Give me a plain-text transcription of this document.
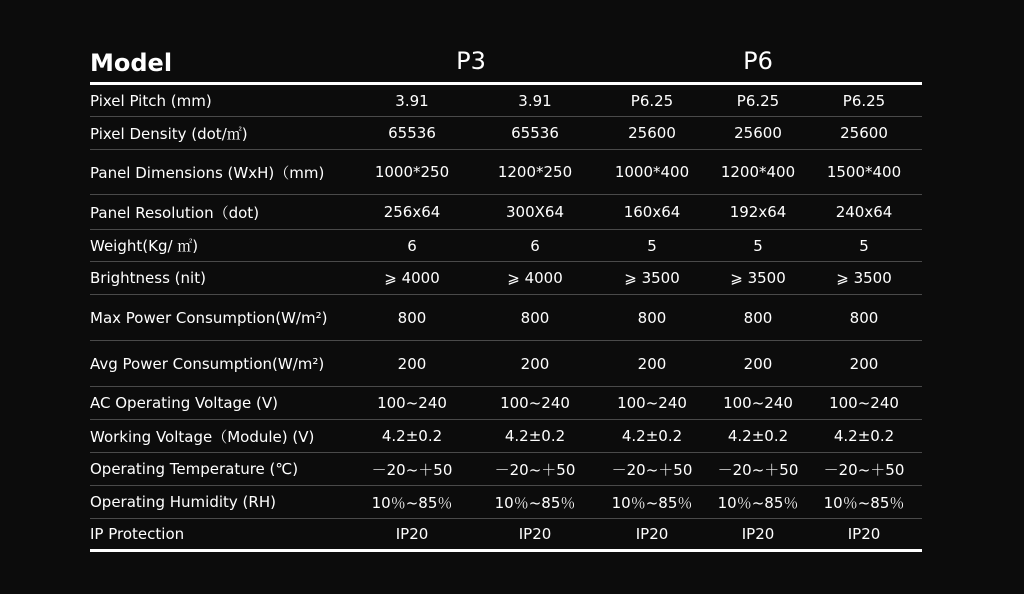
Model	P3	P6
Pixel Pitch (mm)	3.91	3.91	P6.25	P6.25	P6.25
Pixel Density (dot/㎡)	65536	65536	25600	25600	25600
Panel Dimensions (WxH)（mm)	1000*250	1200*250	1000*400 1200*400 1500*400
Panel Resolution（dot)	256x64	300X64	160x64	192x64	240x64
Weight(Kg/ ㎡)	6	6	5	5	5
Brightness (nit)	⩾ 4000	⩾ 4000	⩾ 3500	⩾ 3500	⩾ 3500
Max Power Consumption(W/m²)	800	800	800	800	800
Avg Power Consumption(W/m²)	200	200	200	200	200
AC Operating Voltage (V)	100~240	100~240	100~240 100~240 100~240
Working Voltage（Module) (V)	4.2±0.2	4.2±0.2	4.2±0.2	4.2±0.2	4.2±0.2
Operating Temperature (℃)	－20~＋50	－20~＋50 －20~＋50 －20~＋50 －20~＋50
Operating Humidity (RH)	10％~85％	10％~85％ 10％~85％ 10％~85％ 10％~85％
IP Protection	IP20	IP20	IP20	IP20	IP20
